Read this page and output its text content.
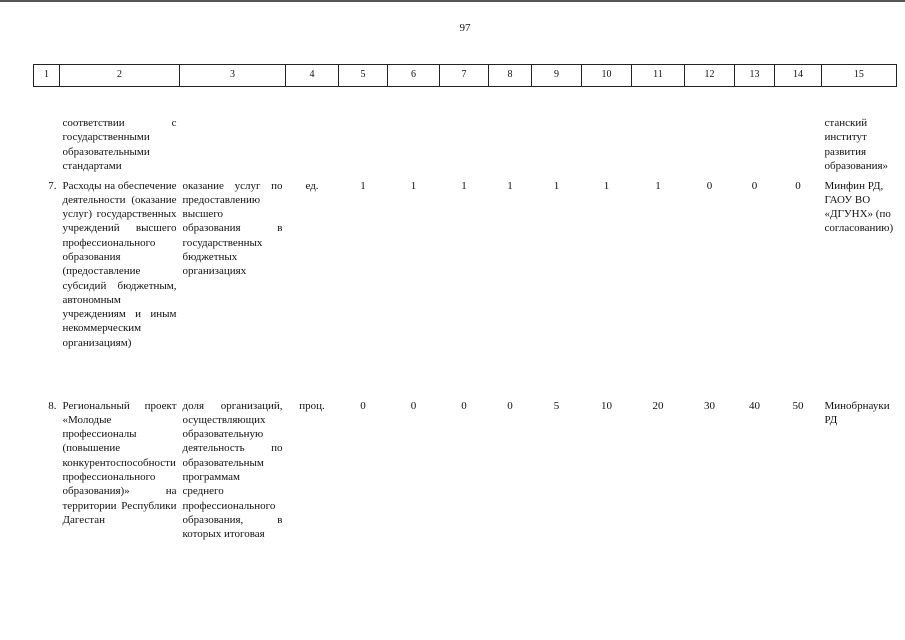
97
1	2	3	4	5	6	7	8	9	10	11	12	13	14	15
	соответствии с государственными образовательными стандартами													станский институт развития образования»
7.	Расходы на обеспечение деятельности (оказание услуг) государственных учреждений высшего профессионального образования (предоставление субсидий бюджетным, автономным учреждениям и иным некоммерческим организациям)	оказание услуг по предоставлению высшего образования в государственных бюджетных организациях	ед.	1	1	1	1	1	1	1	0	0	0	Минфин РД, ГАОУ ВО «ДГУНХ» (по согласованию)
8.	Региональный проект «Молодые профессионалы (повышение конкурентоспособности профессионального образования)» на территории Республики Дагестан	доля организаций, осуществляющих образовательную деятельность по образовательным программам среднего профессионального образования, в которых итоговая	проц.	0	0	0	0	5	10	20	30	40	50	Минобрнауки РД
